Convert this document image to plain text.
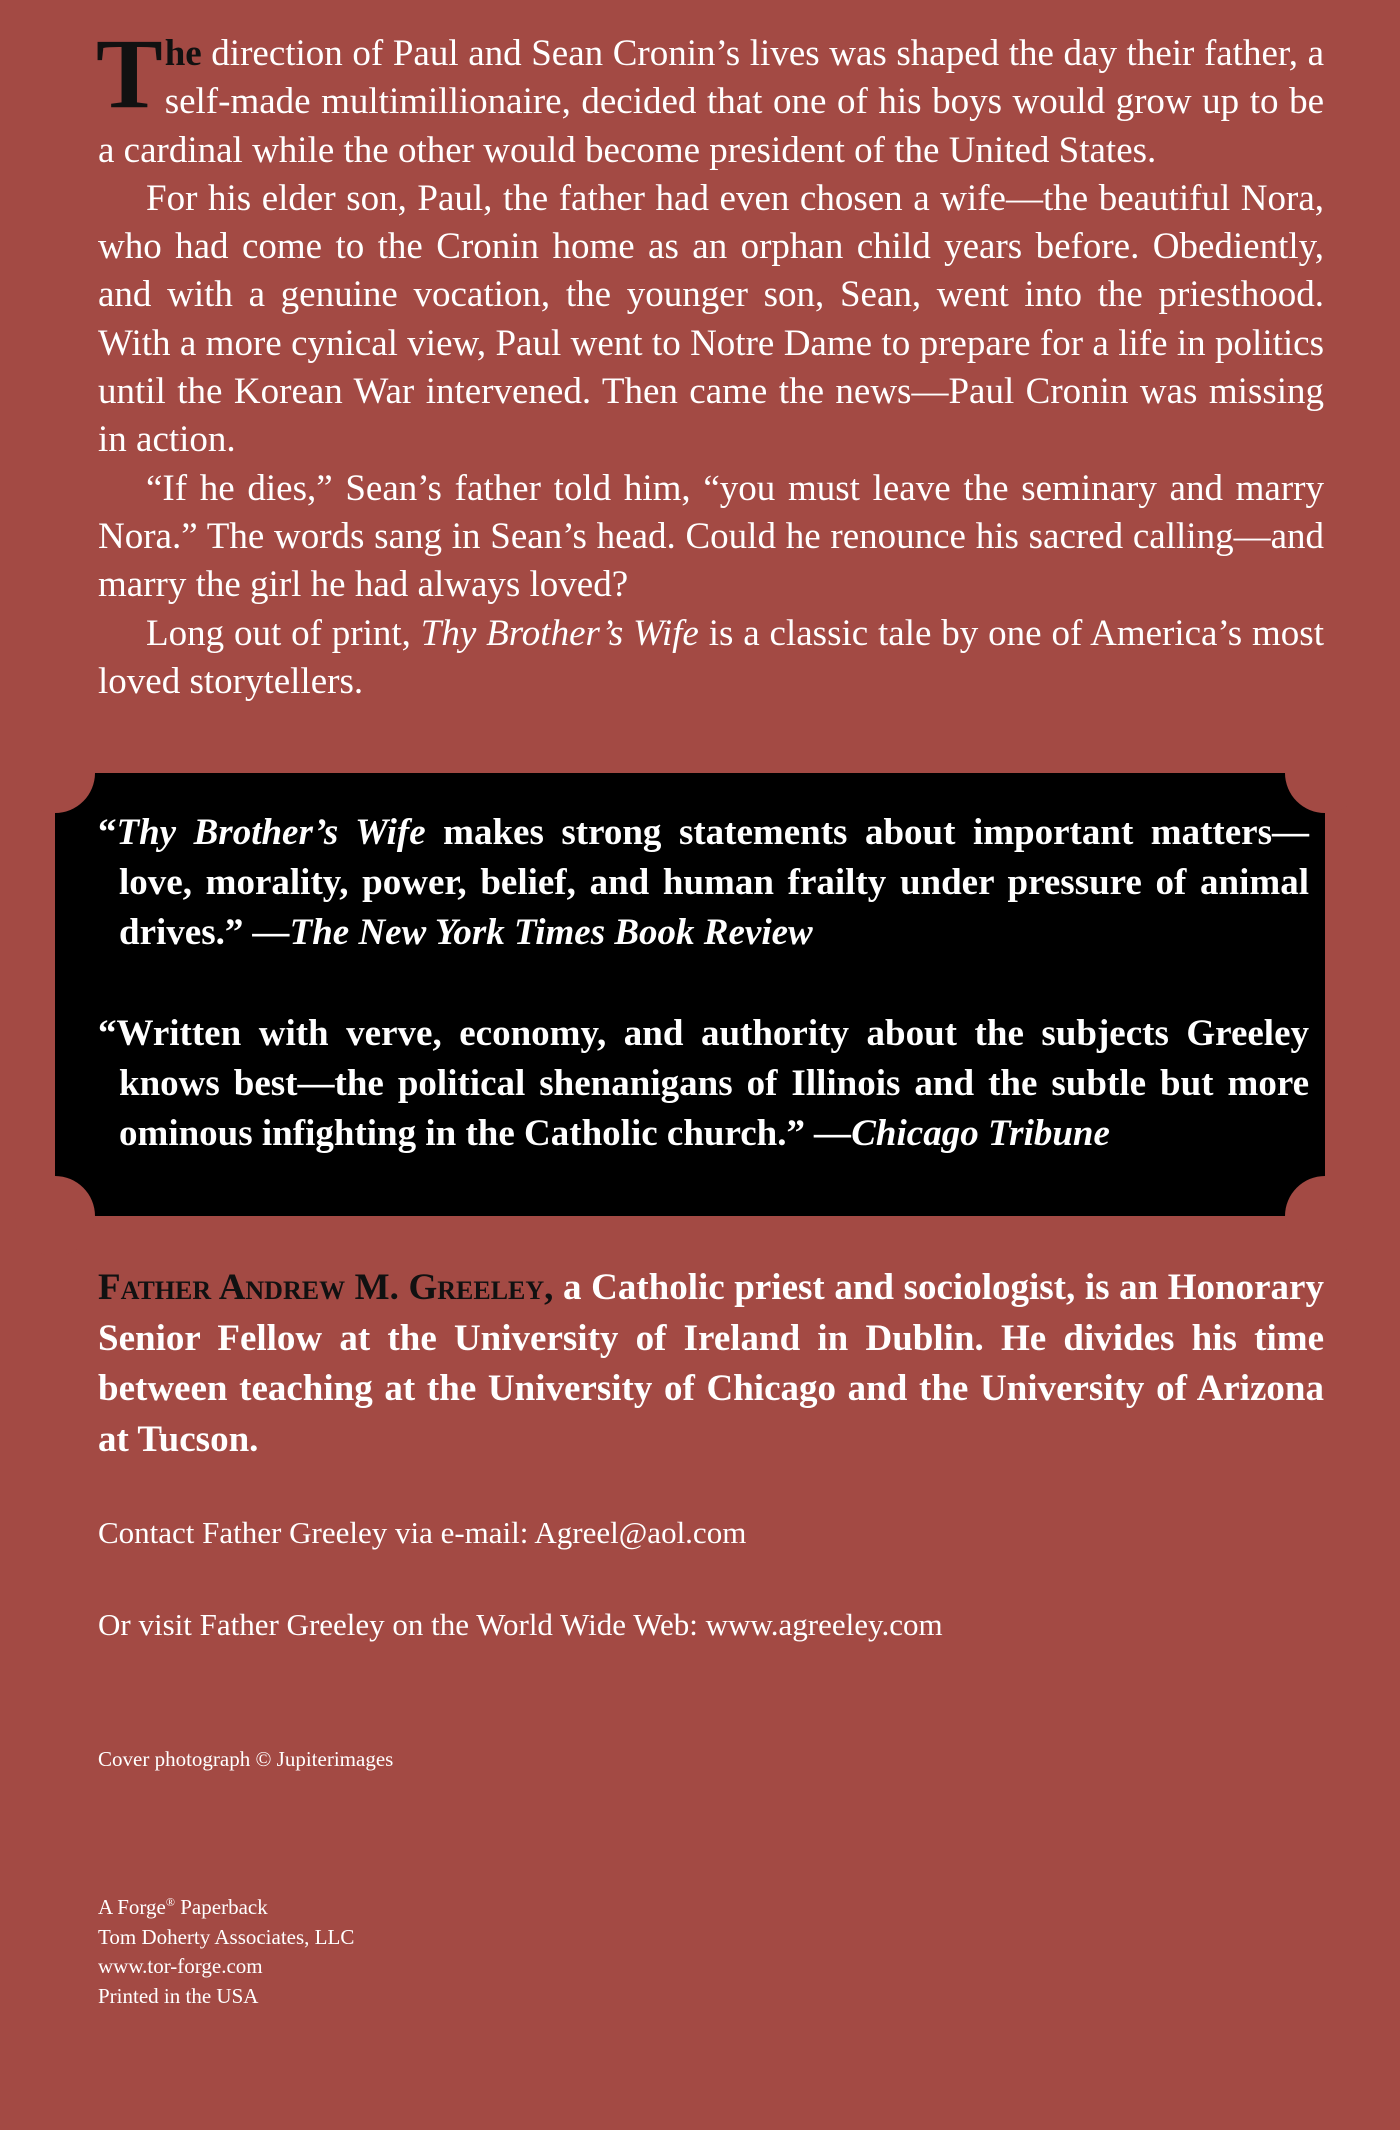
The direction of Paul and Sean Cronin’s lives was shaped the day their father, a self-made multimillionaire, decided that one of his boys would grow up to be a cardinal while the other would become president of the United States.

For his elder son, Paul, the father had even chosen a wife—the beautiful Nora, who had come to the Cronin home as an orphan child years before. Obediently, and with a genuine vocation, the younger son, Sean, went into the priesthood. With a more cynical view, Paul went to Notre Dame to prepare for a life in politics until the Korean War intervened. Then came the news—Paul Cronin was missing in action.

“If he dies,” Sean’s father told him, “you must leave the seminary and marry Nora.” The words sang in Sean’s head. Could he renounce his sacred calling—and marry the girl he had always loved?

Long out of print, Thy Brother’s Wife is a classic tale by one of America’s most loved storytellers.

“Thy Brother’s Wife makes strong statements about important matters—love, morality, power, belief, and human frailty under pressure of animal drives.” —The New York Times Book Review
“Written with verve, economy, and authority about the subjects Greeley knows best—the political shenanigans of Illinois and the subtle but more ominous infighting in the Catholic church.” —Chicago Tribune

Father Andrew M. Greeley, a Catholic priest and sociologist, is an Honorary Senior Fellow at the University of Ireland in Dublin. He divides his time between teaching at the University of Chicago and the University of Arizona at Tucson.

Contact Father Greeley via e-mail: Agreel@aol.com

Or visit Father Greeley on the World Wide Web: www.agreeley.com

Cover photograph © Jupiterimages

A Forge® Paperback
Tom Doherty Associates, LLC
www.tor-forge.com
Printed in the USA
